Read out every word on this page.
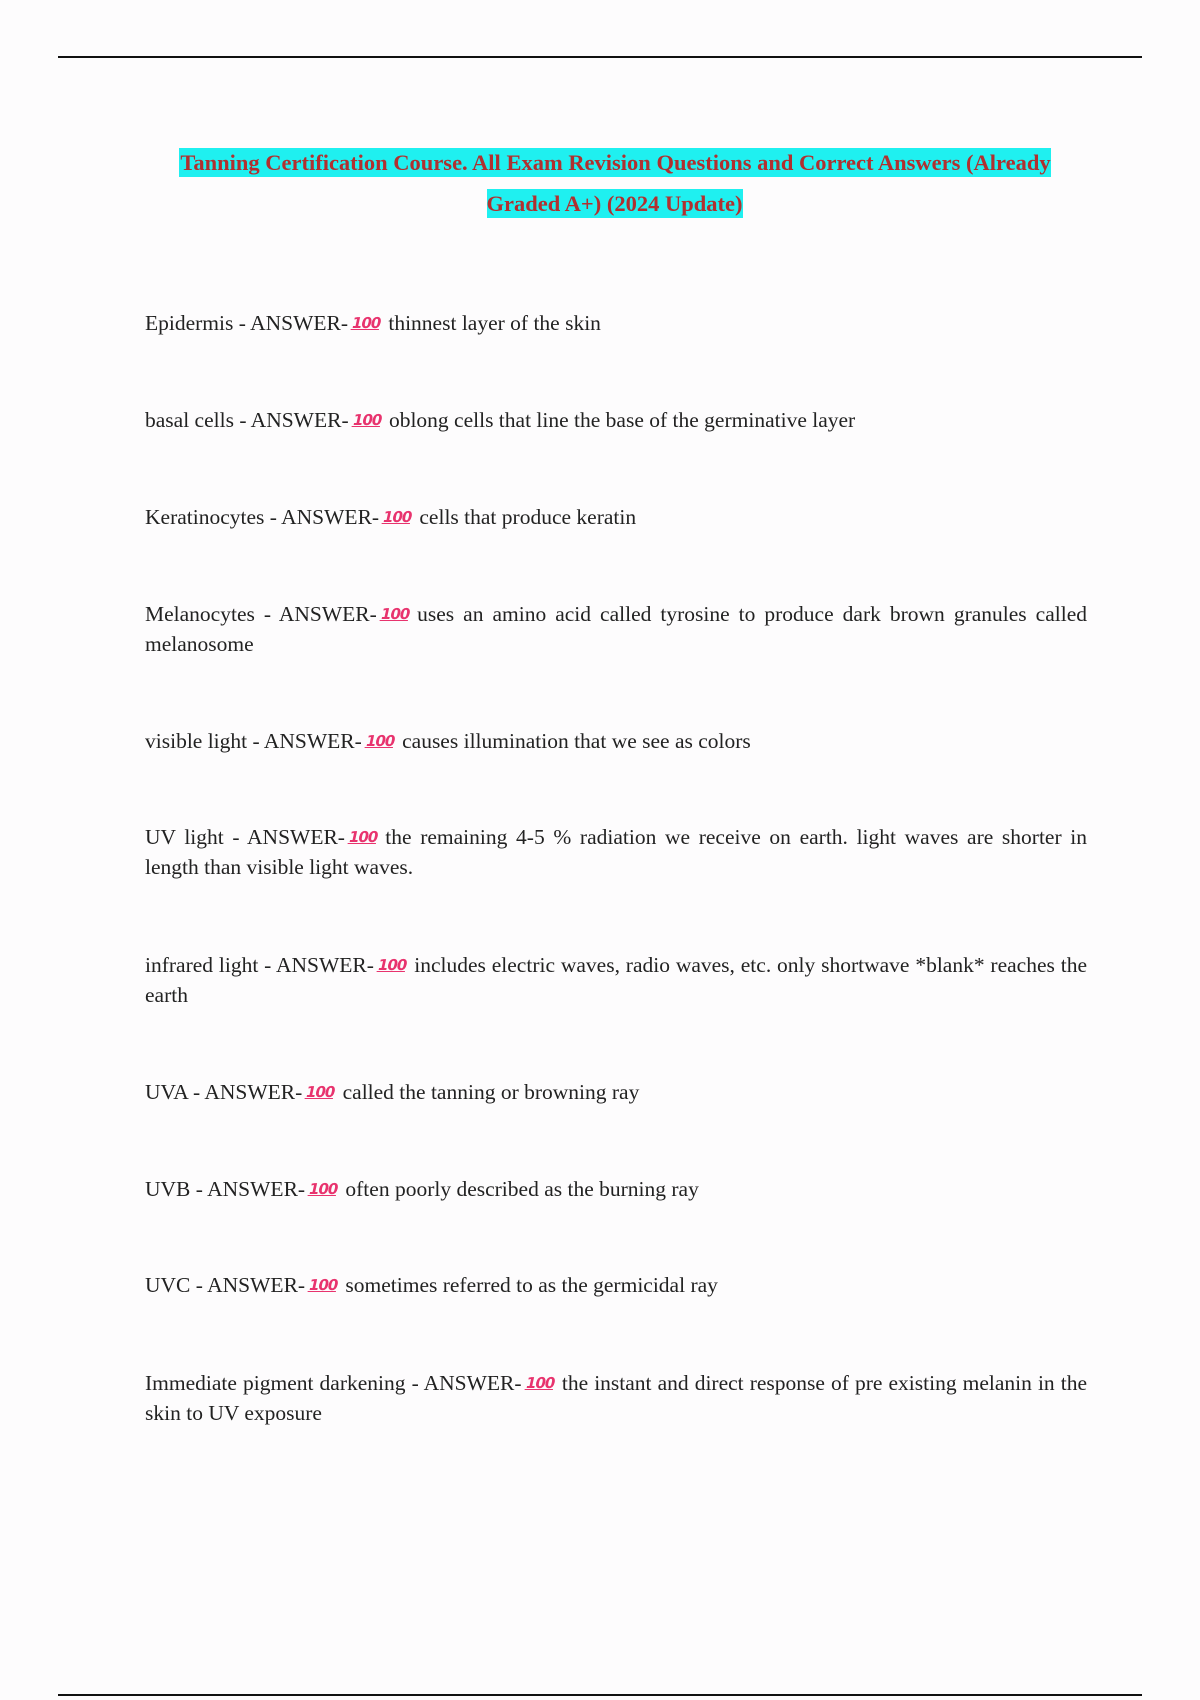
Tanning Certification Course. All Exam Revision Questions and Correct Answers (Already Graded A+) (2024 Update)
Epidermis - ANSWER- 100 thinnest layer of the skin
basal cells - ANSWER- 100 oblong cells that line the base of the germinative layer
Keratinocytes - ANSWER- 100 cells that produce keratin
Melanocytes - ANSWER- 100 uses an amino acid called tyrosine to produce dark brown granules called melanosome
visible light - ANSWER- 100 causes illumination that we see as colors
UV light - ANSWER- 100 the remaining 4-5 % radiation we receive on earth. light waves are shorter in length than visible light waves.
infrared light - ANSWER- 100 includes electric waves, radio waves, etc. only shortwave *blank* reaches the earth
UVA - ANSWER- 100 called the tanning or browning ray
UVB - ANSWER- 100 often poorly described as the burning ray
UVC - ANSWER- 100 sometimes referred to as the germicidal ray
Immediate pigment darkening - ANSWER- 100 the instant and direct response of pre existing melanin in the skin to UV exposure
